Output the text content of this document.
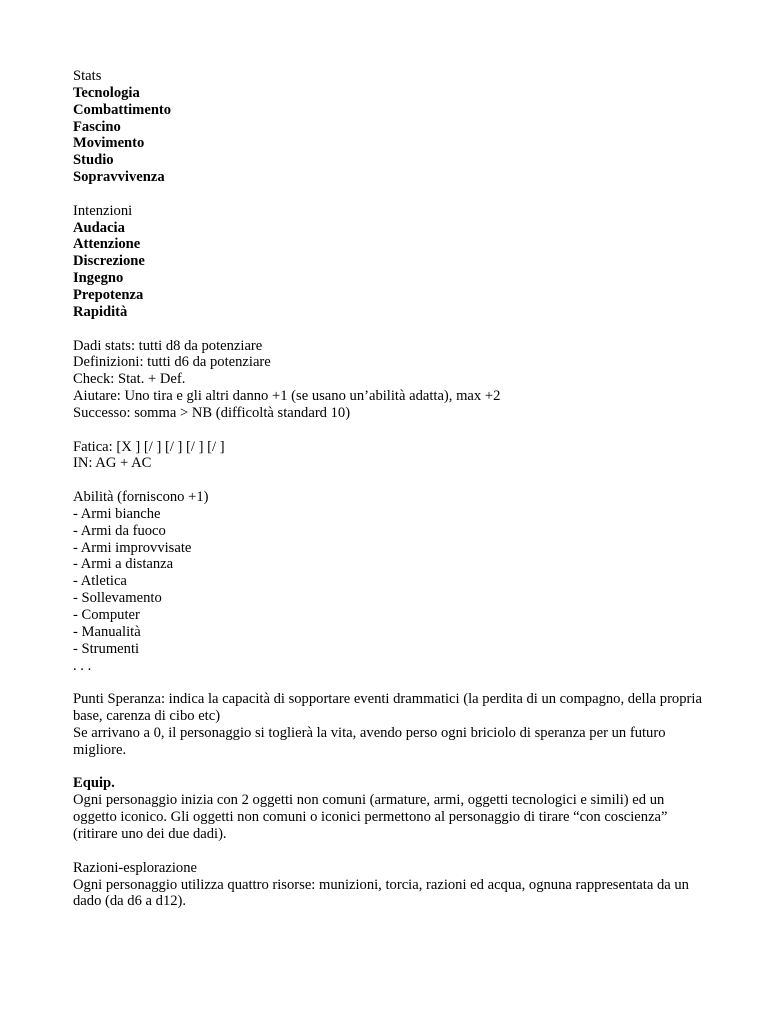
Stats
Tecnologia
Combattimento
Fascino
Movimento
Studio
Sopravvivenza
Intenzioni
Audacia
Attenzione
Discrezione
Ingegno
Prepotenza
Rapidità
Dadi stats: tutti d8 da potenziare
Definizioni: tutti d6 da potenziare
Check: Stat. + Def.
Aiutare: Uno tira e gli altri danno +1 (se usano un’abilità adatta), max +2
Successo: somma > NB (difficoltà standard 10)
Fatica: [X ] [/ ] [/ ] [/ ] [/ ]
IN: AG + AC
Abilità (forniscono +1)
- Armi bianche
- Armi da fuoco
- Armi improvvisate
- Armi a distanza
- Atletica
- Sollevamento
- Computer
- Manualità
- Strumenti
. . .
Punti Speranza: indica la capacità di sopportare eventi drammatici (la perdita di un compagno, della propria base, carenza di cibo etc)
Se arrivano a 0, il personaggio si toglierà la vita, avendo perso ogni briciolo di speranza per un futuro migliore.
Equip.
Ogni personaggio inizia con 2 oggetti non comuni (armature, armi, oggetti tecnologici e simili) ed un oggetto iconico. Gli oggetti non comuni o iconici permettono al personaggio di tirare “con coscienza” (ritirare uno dei due dadi).
Razioni-esplorazione
Ogni personaggio utilizza quattro risorse: munizioni, torcia, razioni ed acqua, ognuna rappresentata da un dado (da d6 a d12).
